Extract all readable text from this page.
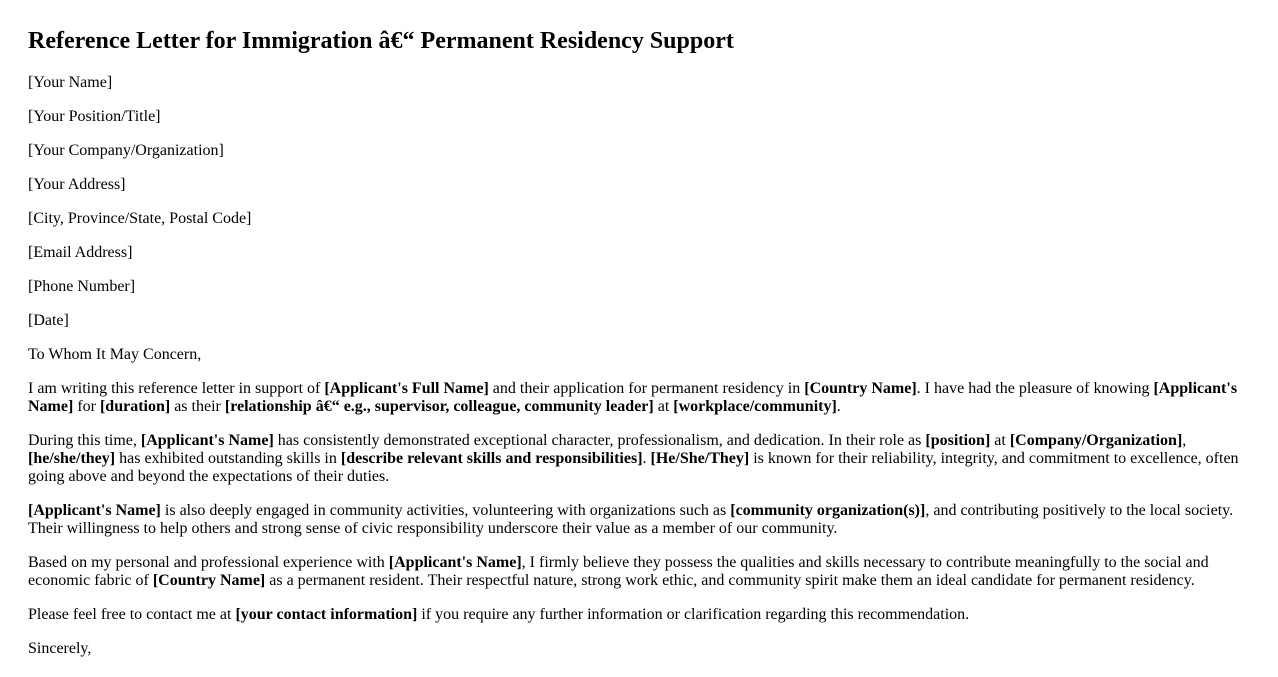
Reference Letter for Immigration â€“ Permanent Residency Support

[Your Name]

[Your Position/Title]

[Your Company/Organization]

[Your Address]

[City, Province/State, Postal Code]

[Email Address]

[Phone Number]

[Date]

To Whom It May Concern,

I am writing this reference letter in support of [Applicant's Full Name] and their application for permanent residency in [Country Name]. I have had the pleasure of knowing [Applicant's Name] for [duration] as their [relationship â€“ e.g., supervisor, colleague, community leader] at [workplace/community].

During this time, [Applicant's Name] has consistently demonstrated exceptional character, professionalism, and dedication. In their role as [position] at [Company/Organization], [he/she/they] has exhibited outstanding skills in [describe relevant skills and responsibilities]. [He/She/They] is known for their reliability, integrity, and commitment to excellence, often going above and beyond the expectations of their duties.

[Applicant's Name] is also deeply engaged in community activities, volunteering with organizations such as [community organization(s)], and contributing positively to the local society. Their willingness to help others and strong sense of civic responsibility underscore their value as a member of our community.

Based on my personal and professional experience with [Applicant's Name], I firmly believe they possess the qualities and skills necessary to contribute meaningfully to the social and economic fabric of [Country Name] as a permanent resident. Their respectful nature, strong work ethic, and community spirit make them an ideal candidate for permanent residency.

Please feel free to contact me at [your contact information] if you require any further information or clarification regarding this recommendation.

Sincerely,
